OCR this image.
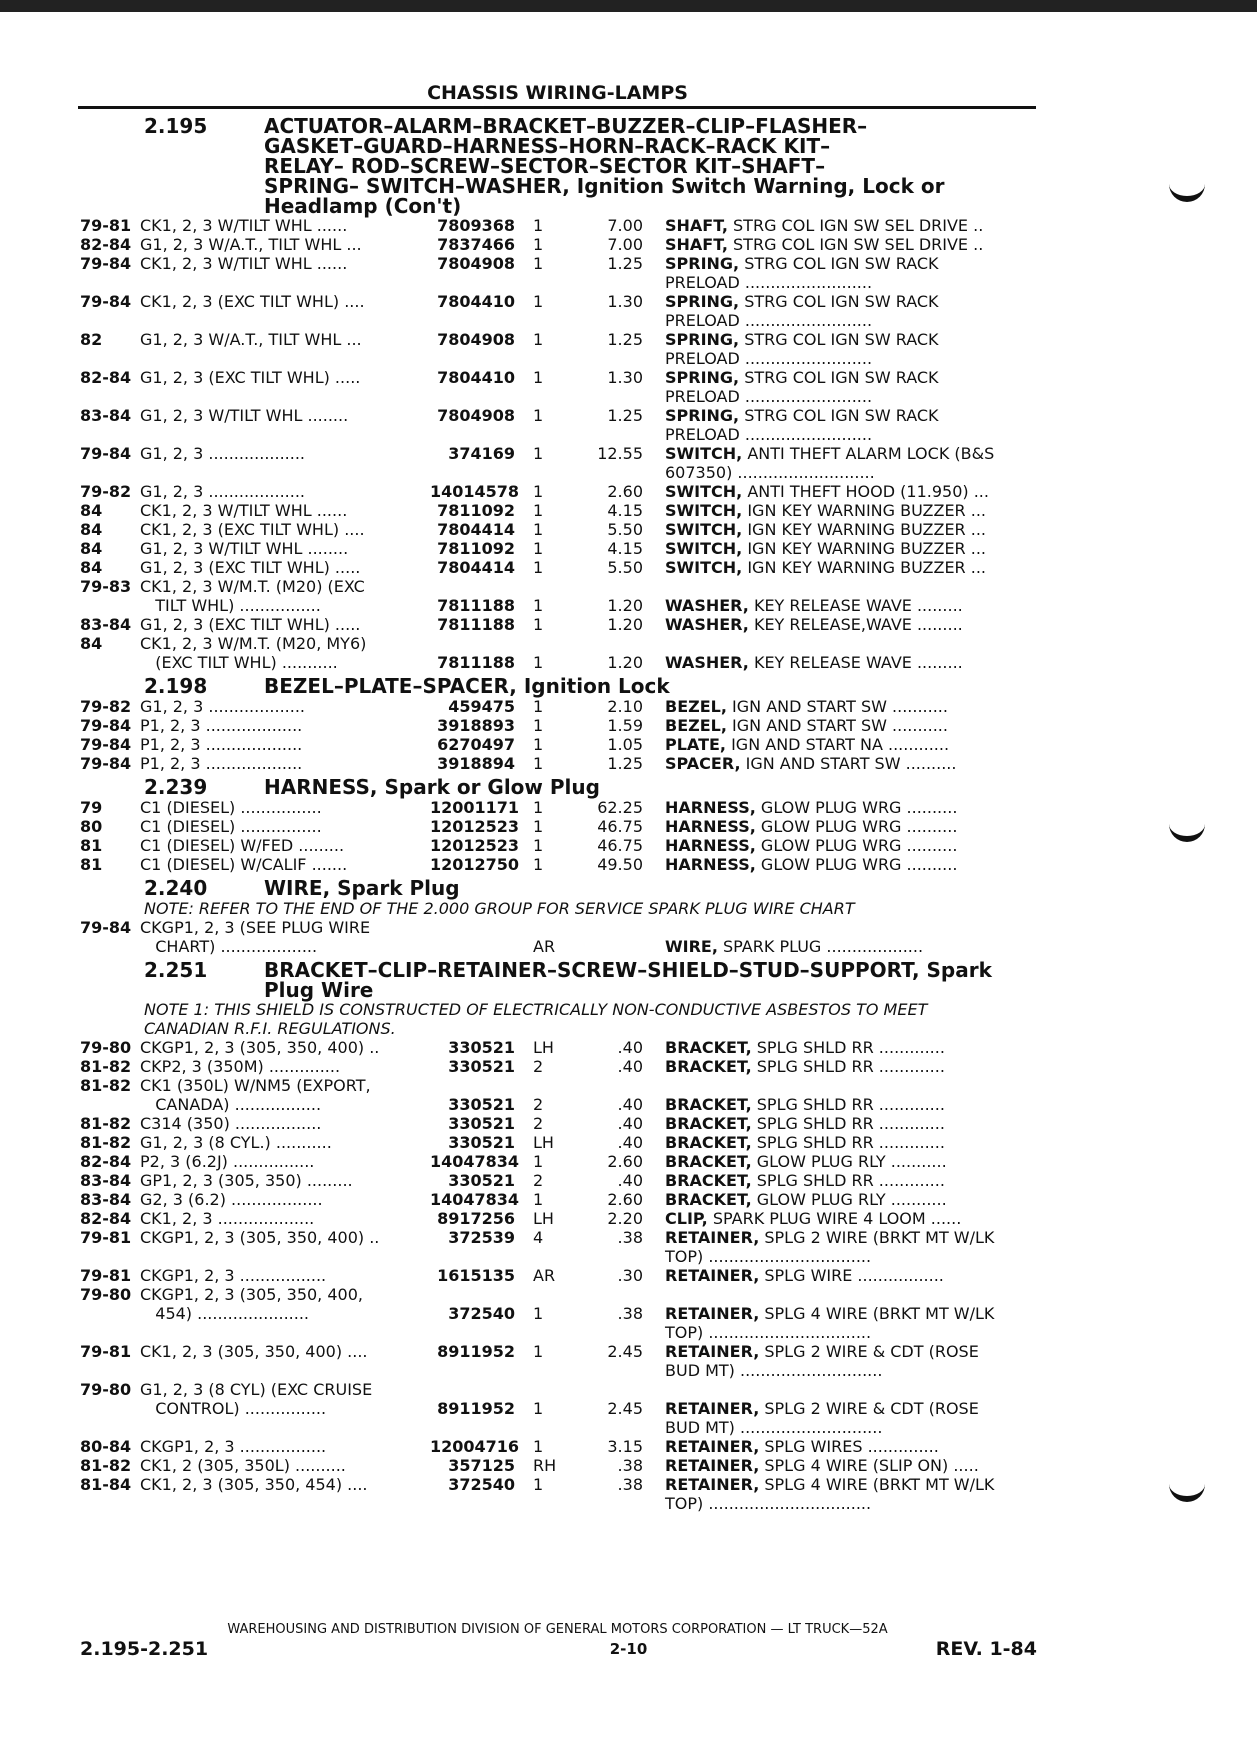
CHASSIS WIRING-LAMPS
2.195	ACTUATOR–ALARM–BRACKET–BUZZER–CLIP–FLASHER–
GASKET–GUARD–HARNESS–HORN–RACK–RACK KIT–
RELAY– ROD–SCREW–SECTOR–SECTOR KIT–SHAFT–
SPRING– SWITCH–WASHER, Ignition Switch Warning, Lock or
Headlamp (Con't)
79-81 CK1, 2, 3 W/TILT WHL ......	7809368	1	7.00	SHAFT, STRG COL IGN SW SEL DRIVE ..
82-84 G1, 2, 3 W/A.T., TILT WHL ...	7837466	1	7.00	SHAFT, STRG COL IGN SW SEL DRIVE ..
79-84 CK1, 2, 3 W/TILT WHL ......	7804908	1	1.25	SPRING, STRG COL IGN SW RACK
PRELOAD .........................
79-84 CK1, 2, 3 (EXC TILT WHL) ....	7804410	1	1.30	SPRING, STRG COL IGN SW RACK
PRELOAD .........................
82	G1, 2, 3 W/A.T., TILT WHL ...	7804908	1	1.25	SPRING, STRG COL IGN SW RACK
PRELOAD .........................
82-84 G1, 2, 3 (EXC TILT WHL) .....	7804410	1	1.30	SPRING, STRG COL IGN SW RACK
PRELOAD .........................
83-84 G1, 2, 3 W/TILT WHL ........	7804908	1	1.25	SPRING, STRG COL IGN SW RACK
PRELOAD .........................
79-84 G1, 2, 3 ...................	374169	1	12.55	SWITCH, ANTI THEFT ALARM LOCK (B&S
607350) ...........................
79-82 G1, 2, 3 ...................	14014578 1	2.60	SWITCH, ANTI THEFT HOOD (11.950) ...
84	CK1, 2, 3 W/TILT WHL ......	7811092	1	4.15	SWITCH, IGN KEY WARNING BUZZER ...
84	CK1, 2, 3 (EXC TILT WHL) ....	7804414	1	5.50	SWITCH, IGN KEY WARNING BUZZER ...
84	G1, 2, 3 W/TILT WHL ........	7811092	1	4.15	SWITCH, IGN KEY WARNING BUZZER ...
84	G1, 2, 3 (EXC TILT WHL) .....	7804414	1	5.50	SWITCH, IGN KEY WARNING BUZZER ...
79-83 CK1, 2, 3 W/M.T. (M20) (EXC
TILT WHL) ................	7811188	1	1.20	WASHER, KEY RELEASE WAVE .........
83-84 G1, 2, 3 (EXC TILT WHL) .....	7811188	1	1.20	WASHER, KEY RELEASE,WAVE .........
84	CK1, 2, 3 W/M.T. (M20, MY6)
(EXC TILT WHL) ...........	7811188	1	1.20	WASHER, KEY RELEASE WAVE .........
2.198	BEZEL–PLATE–SPACER, Ignition Lock
79-82 G1, 2, 3 ...................	459475	1	2.10	BEZEL, IGN AND START SW ...........
79-84 P1, 2, 3 ...................	3918893	1	1.59	BEZEL, IGN AND START SW ...........
79-84 P1, 2, 3 ...................	6270497	1	1.05	PLATE, IGN AND START NA ............
79-84 P1, 2, 3 ...................	3918894	1	1.25	SPACER, IGN AND START SW ..........
2.239	HARNESS, Spark or Glow Plug
79	C1 (DIESEL) ................	12001171 1	62.25	HARNESS, GLOW PLUG WRG ..........
80	C1 (DIESEL) ................	12012523 1	46.75	HARNESS, GLOW PLUG WRG ..........
81	C1 (DIESEL) W/FED .........	12012523 1	46.75	HARNESS, GLOW PLUG WRG ..........
81	C1 (DIESEL) W/CALIF .......	12012750 1	49.50	HARNESS, GLOW PLUG WRG ..........
2.240	WIRE, Spark Plug
NOTE: REFER TO THE END OF THE 2.000 GROUP FOR SERVICE SPARK PLUG WIRE CHART
79-84 CKGP1, 2, 3 (SEE PLUG WIRE
CHART) ...................	AR	WIRE, SPARK PLUG ...................
2.251	BRACKET–CLIP–RETAINER–SCREW–SHIELD–STUD–SUPPORT, Spark
Plug Wire
NOTE 1: THIS SHIELD IS CONSTRUCTED OF ELECTRICALLY NON-CONDUCTIVE ASBESTOS TO MEET
CANADIAN R.F.I. REGULATIONS.
79-80 CKGP1, 2, 3 (305, 350, 400) ..	330521	LH	.40	BRACKET, SPLG SHLD RR .............
81-82 CKP2, 3 (350M) ..............	330521	2	.40	BRACKET, SPLG SHLD RR .............
81-82 CK1 (350L) W/NM5 (EXPORT,
CANADA) .................	330521	2	.40	BRACKET, SPLG SHLD RR .............
81-82 C314 (350) .................	330521	2	.40	BRACKET, SPLG SHLD RR .............
81-82 G1, 2, 3 (8 CYL.) ...........	330521	LH	.40	BRACKET, SPLG SHLD RR .............
82-84 P2, 3 (6.2J) ................	14047834 1	2.60	BRACKET, GLOW PLUG RLY ...........
83-84 GP1, 2, 3 (305, 350) .........	330521	2	.40	BRACKET, SPLG SHLD RR .............
83-84 G2, 3 (6.2) ..................	14047834 1	2.60	BRACKET, GLOW PLUG RLY ...........
82-84 CK1, 2, 3 ...................	8917256	LH	2.20	CLIP, SPARK PLUG WIRE 4 LOOM ......
79-81 CKGP1, 2, 3 (305, 350, 400) ..	372539	4	.38	RETAINER, SPLG 2 WIRE (BRKT MT W/LK
TOP) ................................
79-81 CKGP1, 2, 3 .................	1615135	AR	.30	RETAINER, SPLG WIRE .................
79-80 CKGP1, 2, 3 (305, 350, 400,
454) ......................	372540	1	.38	RETAINER, SPLG 4 WIRE (BRKT MT W/LK
TOP) ................................
79-81 CK1, 2, 3 (305, 350, 400) ....	8911952	1	2.45	RETAINER, SPLG 2 WIRE & CDT (ROSE
BUD MT) ............................
79-80 G1, 2, 3 (8 CYL) (EXC CRUISE
CONTROL) ................	8911952	1	2.45	RETAINER, SPLG 2 WIRE & CDT (ROSE
BUD MT) ............................
80-84 CKGP1, 2, 3 .................	12004716 1	3.15	RETAINER, SPLG WIRES ..............
81-82 CK1, 2 (305, 350L) ..........	357125	RH	.38	RETAINER, SPLG 4 WIRE (SLIP ON) .....
81-84 CK1, 2, 3 (305, 350, 454) ....	372540	1	.38	RETAINER, SPLG 4 WIRE (BRKT MT W/LK
TOP) ................................
WAREHOUSING AND DISTRIBUTION DIVISION OF GENERAL MOTORS CORPORATION — LT TRUCK—52A
2.195-2.251	2-10	REV. 1-84
